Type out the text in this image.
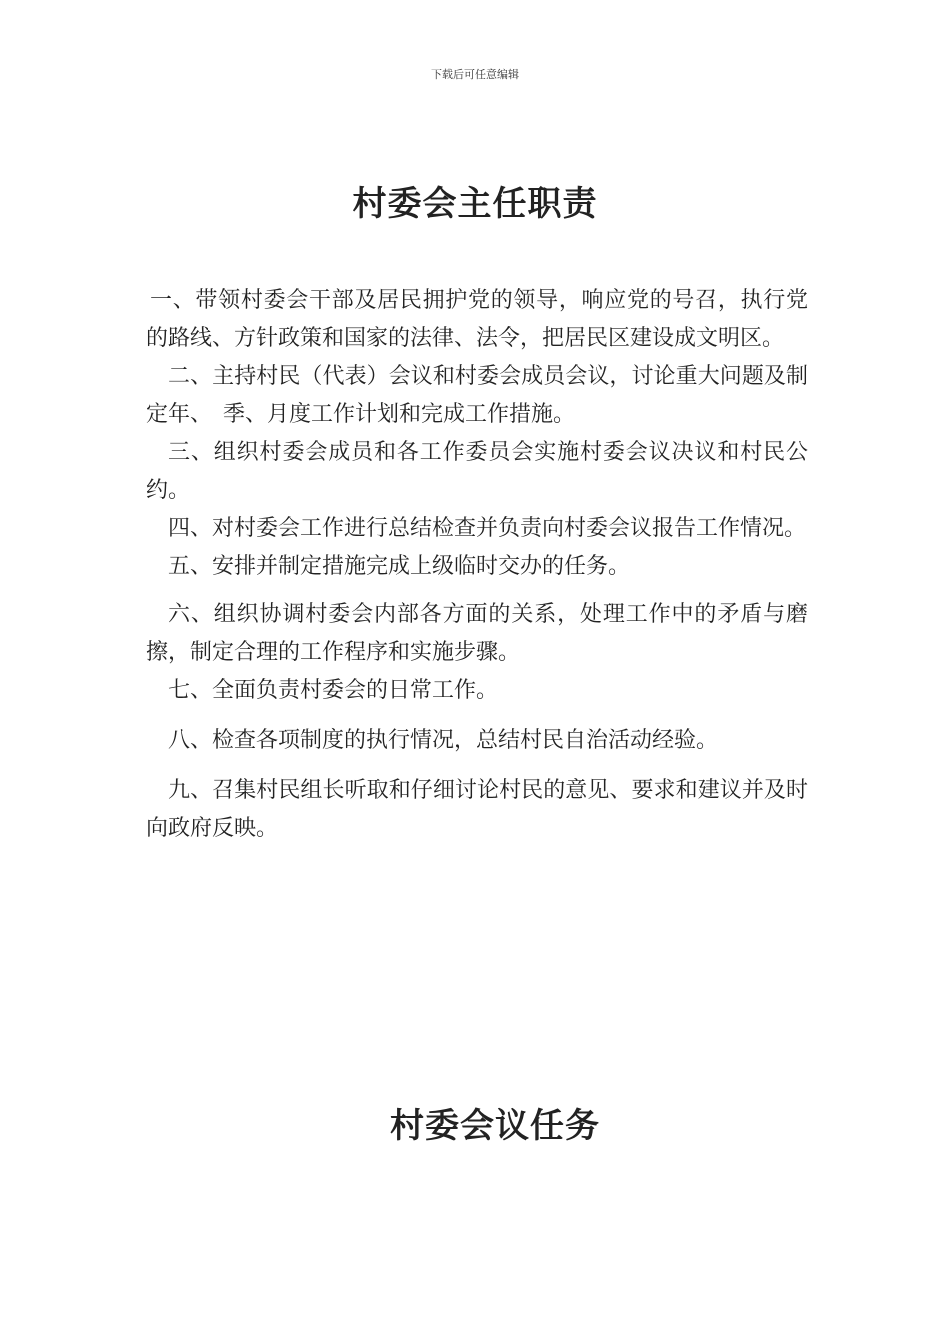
下载后可任意编辑
村委会主任职责

一、带领村委会干部及居民拥护党的领导，响应党的号召，执行党的路线、方针政策和国家的法律、法令，把居民区建设成文明区。

二、主持村民（代表）会议和村委会成员会议，讨论重大问题及制定年、　季、月度工作计划和完成工作措施。

三、组织村委会成员和各工作委员会实施村委会议决议和村民公约。

四、对村委会工作进行总结检查并负责向村委会议报告工作情况。

五、安排并制定措施完成上级临时交办的任务。

六、组织协调村委会内部各方面的关系，处理工作中的矛盾与磨擦，制定合理的工作程序和实施步骤。

七、全面负责村委会的日常工作。

八、检查各项制度的执行情况，总结村民自治活动经验。

九、召集村民组长听取和仔细讨论村民的意见、要求和建议并及时向政府反映。

村委会议任务
